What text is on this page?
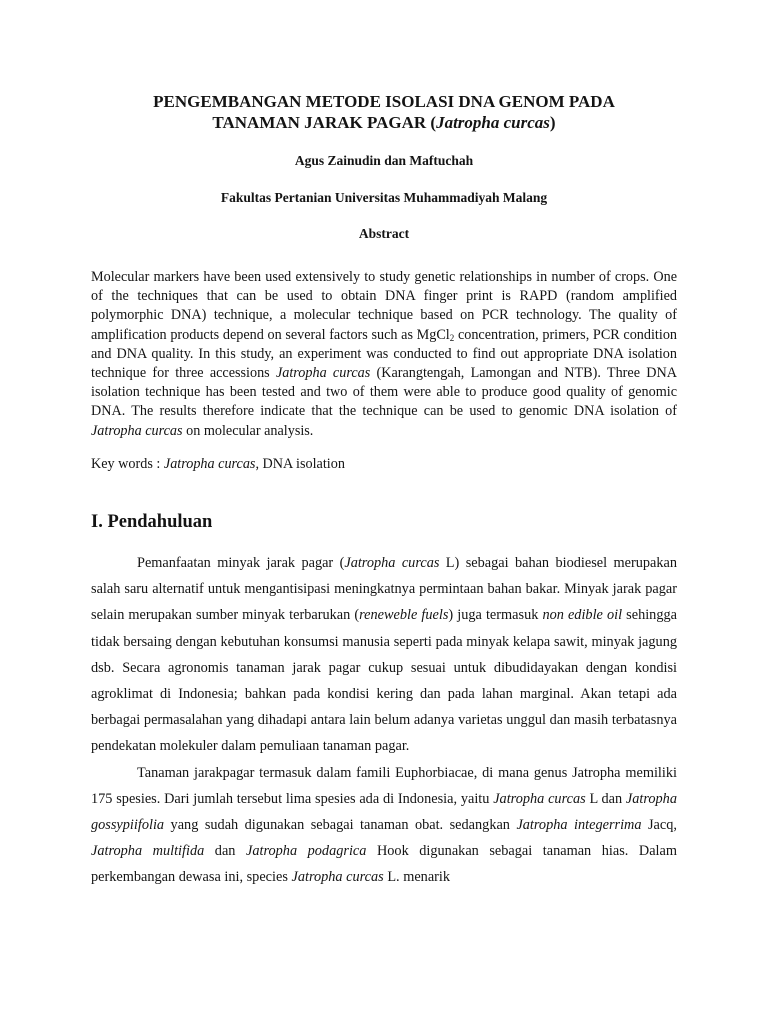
PENGEMBANGAN METODE ISOLASI DNA GENOM PADA
TANAMAN JARAK PAGAR (Jatropha curcas)
Agus Zainudin dan Maftuchah
Fakultas Pertanian Universitas Muhammadiyah Malang
Abstract

Molecular markers have been used extensively to study genetic relationships in number of crops. One of the techniques that can be used to obtain DNA finger print is RAPD (random amplified polymorphic DNA) technique, a molecular technique based on PCR technology. The quality of amplification products depend on several factors such as MgCl$_2$ concentration, primers, PCR condition and DNA quality. In this study, an experiment was conducted to find out appropriate DNA isolation technique for three accessions Jatropha curcas (Karangtengah, Lamongan and NTB). Three DNA isolation technique has been tested and two of them were able to produce good quality of genomic DNA. The results therefore indicate that the technique can be used to genomic DNA isolation of Jatropha curcas on molecular analysis.

Key words : Jatropha curcas, DNA isolation
I. Pendahuluan

Pemanfaatan minyak jarak pagar (Jatropha curcas L) sebagai bahan biodiesel merupakan salah saru alternatif untuk mengantisipasi meningkatnya permintaan bahan bakar. Minyak jarak pagar selain merupakan sumber minyak terbarukan (reneweble fuels) juga termasuk non edible oil sehingga tidak bersaing dengan kebutuhan konsumsi manusia seperti pada minyak kelapa sawit, minyak jagung dsb. Secara agronomis tanaman jarak pagar cukup sesuai untuk dibudidayakan dengan kondisi agroklimat di Indonesia; bahkan pada kondisi kering dan pada lahan marginal. Akan tetapi ada berbagai permasalahan yang dihadapi antara lain belum adanya varietas unggul dan masih terbatasnya pendekatan molekuler dalam pemuliaan tanaman pagar.

Tanaman jarakpagar termasuk dalam famili Euphorbiacae, di mana genus Jatropha memiliki 175 spesies. Dari jumlah tersebut lima spesies ada di Indonesia, yaitu Jatropha curcas L dan Jatropha gossypiifolia yang sudah digunakan sebagai tanaman obat. sedangkan Jatropha integerrima Jacq, Jatropha multifida dan Jatropha podagrica Hook digunakan sebagai tanaman hias. Dalam perkembangan dewasa ini, species Jatropha curcas L. menarik
